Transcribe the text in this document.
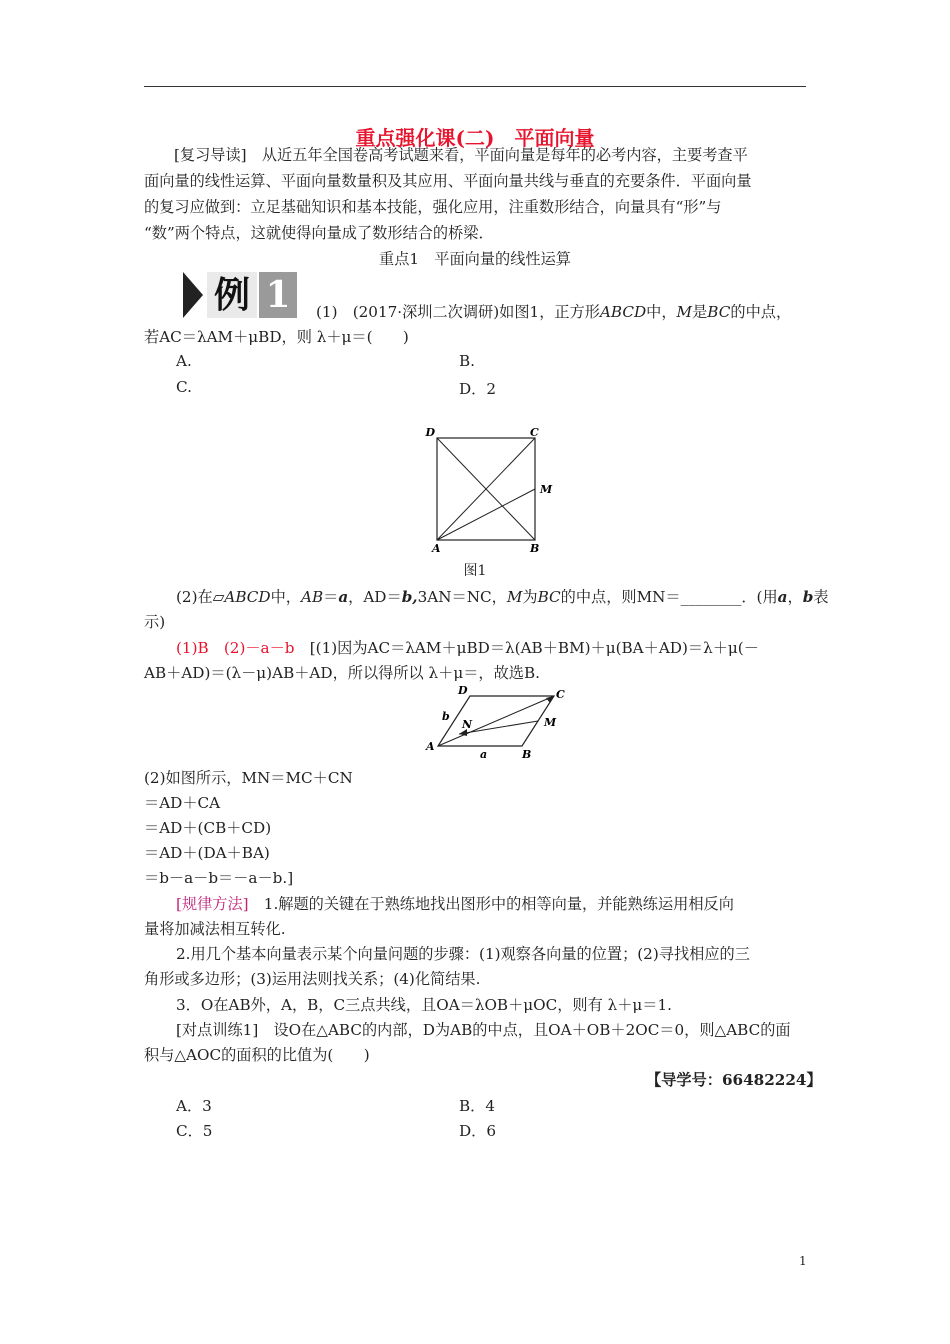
重点强化课(二)　平面向量
[复习导读]　从近五年全国卷高考试题来看，平面向量是每年的必考内容，主要考查平
面向量的线性运算、平面向量数量积及其应用、平面向量共线与垂直的充要条件．平面向量
的复习应做到：立足基础知识和基本技能，强化应用，注重数形结合，向量具有“形”与
“数”两个特点，这就使得向量成了数形结合的桥梁．
重点1　平面向量的线性运算
例 1	(1)　(2017·深圳二次调研)如图1，正方形ABCD中，M是BC的中点，
若AC＝λAM＋μBD，则 λ＋μ＝(　　)
A.	B.
C.	D．2
D	C
M
A	B
图1
(2)在▱ABCD中，AB＝a，AD＝b,3AN＝NC，M为BC的中点，则MN＝________．(用a，b表
示)
(1)B　(2)－a－b　[(1)因为AC＝λAM＋μBD＝λ(AB＋BM)＋μ(BA＋AD)＝λ＋μ(－
AB＋AD)＝(λ－μ)AB＋AD，所以得所以 λ＋μ＝，故选B.
D	C
b
N	M
A
a	B
(2)如图所示，MN＝MC＋CN
＝AD＋CA
＝AD＋(CB＋CD)
＝AD＋(DA＋BA)
＝b－a－b＝－a－b.]
[规律方法]　1.解题的关键在于熟练地找出图形中的相等向量，并能熟练运用相反向
量将加减法相互转化.
2.用几个基本向量表示某个向量问题的步骤：(1)观察各向量的位置；(2)寻找相应的三
角形或多边形；(3)运用法则找关系；(4)化简结果.
3．O在AB外，A，B，C三点共线，且OA＝λOB＋μOC，则有 λ＋μ＝1.
[对点训练1]　设O在△ABC的内部，D为AB的中点，且OA＋OB＋2OC＝0，则△ABC的面
积与△AOC的面积的比值为(　　)
【导学号：66482224】
A．3	B．4
C．5	D．6
1
